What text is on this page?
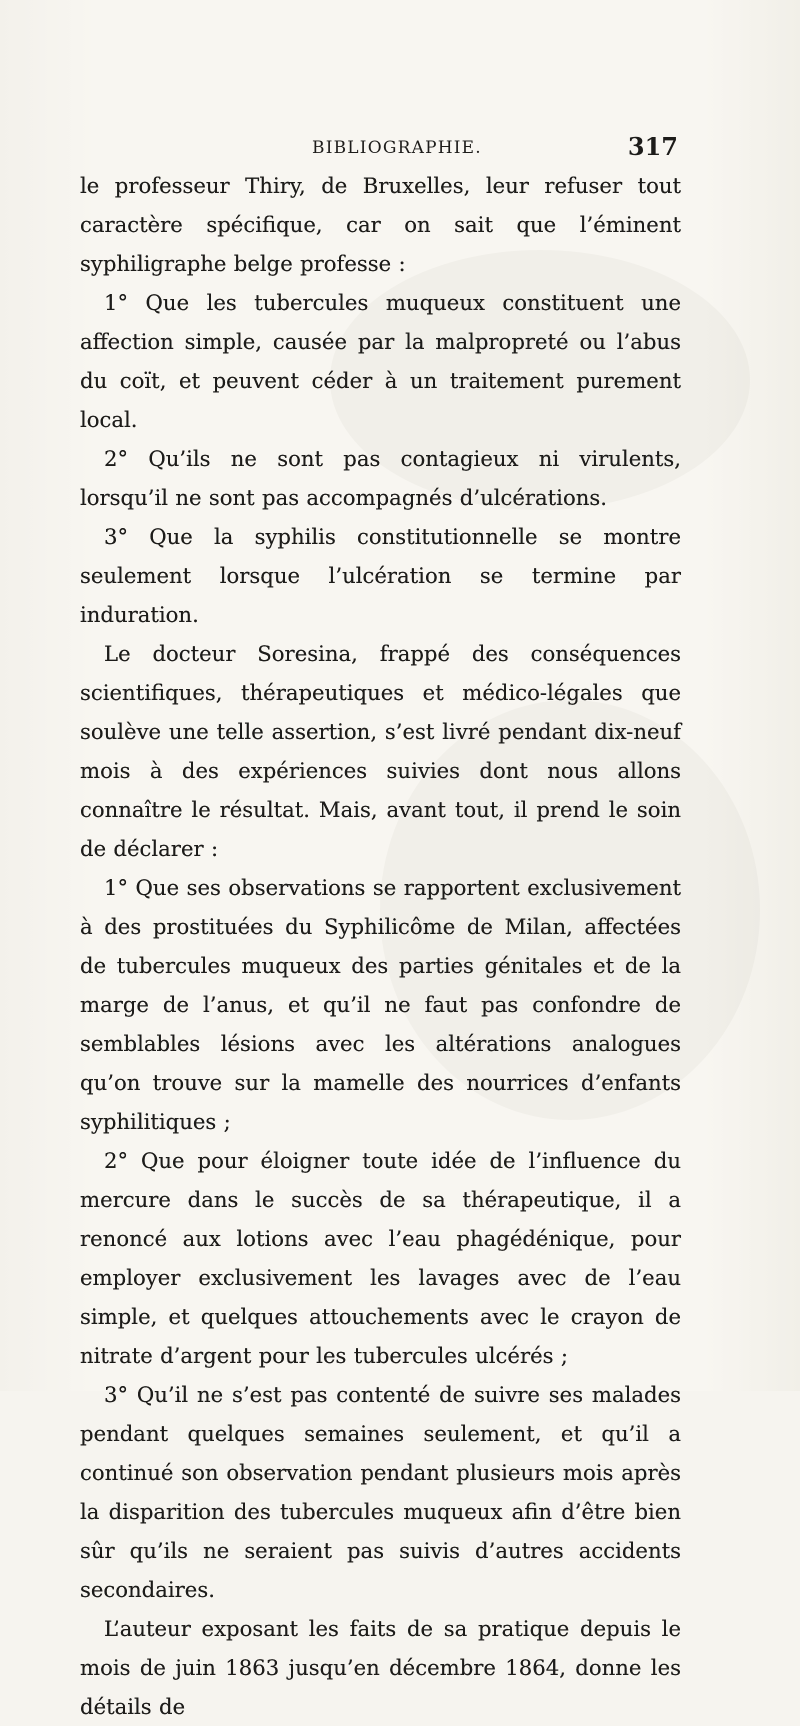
BIBLIOGRAPHIE.	317

le professeur Thiry, de Bruxelles, leur refuser tout caractère spécifique, car on sait que l’éminent syphiligraphe belge professe :

1° Que les tubercules muqueux constituent une affection simple, causée par la malpropreté ou l’abus du coït, et peuvent céder à un traitement purement local.

2° Qu’ils ne sont pas contagieux ni virulents, lorsqu’il ne sont pas accompagnés d’ulcérations.

3° Que la syphilis constitutionnelle se montre seulement lorsque l’ulcération se termine par induration.

Le docteur Soresina, frappé des conséquences scientifiques, thérapeutiques et médico-légales que soulève une telle assertion, s’est livré pendant dix-neuf mois à des expériences suivies dont nous allons connaître le résultat. Mais, avant tout, il prend le soin de déclarer :

1° Que ses observations se rapportent exclusivement à des prostituées du Syphilicôme de Milan, affectées de tubercules muqueux des parties génitales et de la marge de l’anus, et qu’il ne faut pas confondre de semblables lésions avec les altérations analogues qu’on trouve sur la mamelle des nourrices d’enfants syphilitiques ;

2° Que pour éloigner toute idée de l’influence du mercure dans le succès de sa thérapeutique, il a renoncé aux lotions avec l’eau phagédénique, pour employer exclusivement les lavages avec de l’eau simple, et quelques attouchements avec le crayon de nitrate d’argent pour les tubercules ulcérés ;

3° Qu’il ne s’est pas contenté de suivre ses malades pendant quelques semaines seulement, et qu’il a continué son observation pendant plusieurs mois après la disparition des tubercules muqueux afin d’être bien sûr qu’ils ne seraient pas suivis d’autres accidents secondaires.

L’auteur exposant les faits de sa pratique depuis le mois de juin 1863 jusqu’en décembre 1864, donne les détails de
